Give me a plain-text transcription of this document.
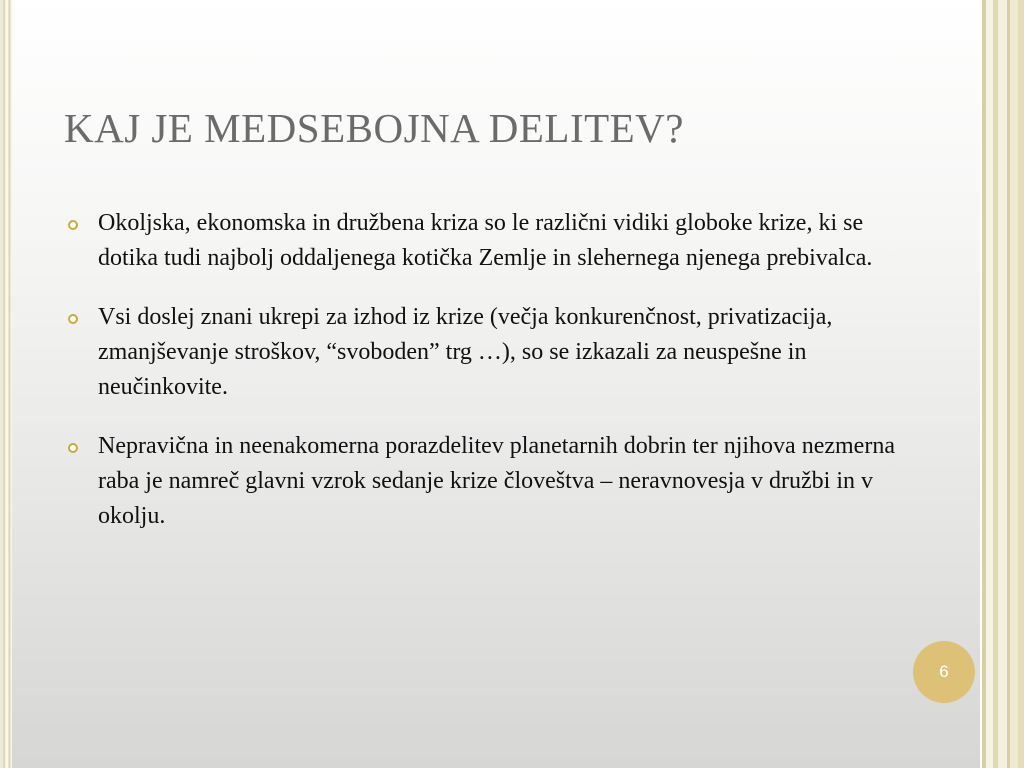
KAJ JE MEDSEBOJNA DELITEV?
Okoljska, ekonomska in družbena kriza so le različni vidiki globoke krize, ki se dotika tudi najbolj oddaljenega kotička Zemlje in slehernega njenega prebivalca.
Vsi doslej znani ukrepi za izhod iz krize (večja konkurenčnost, privatizacija, zmanjševanje stroškov, “svoboden” trg …), so se izkazali za neuspešne in neučinkovite.
Nepravična in neenakomerna porazdelitev planetarnih dobrin ter njihova nezmerna raba je namreč glavni vzrok sedanje krize človeštva – neravnovesja v družbi in v okolju.
6
